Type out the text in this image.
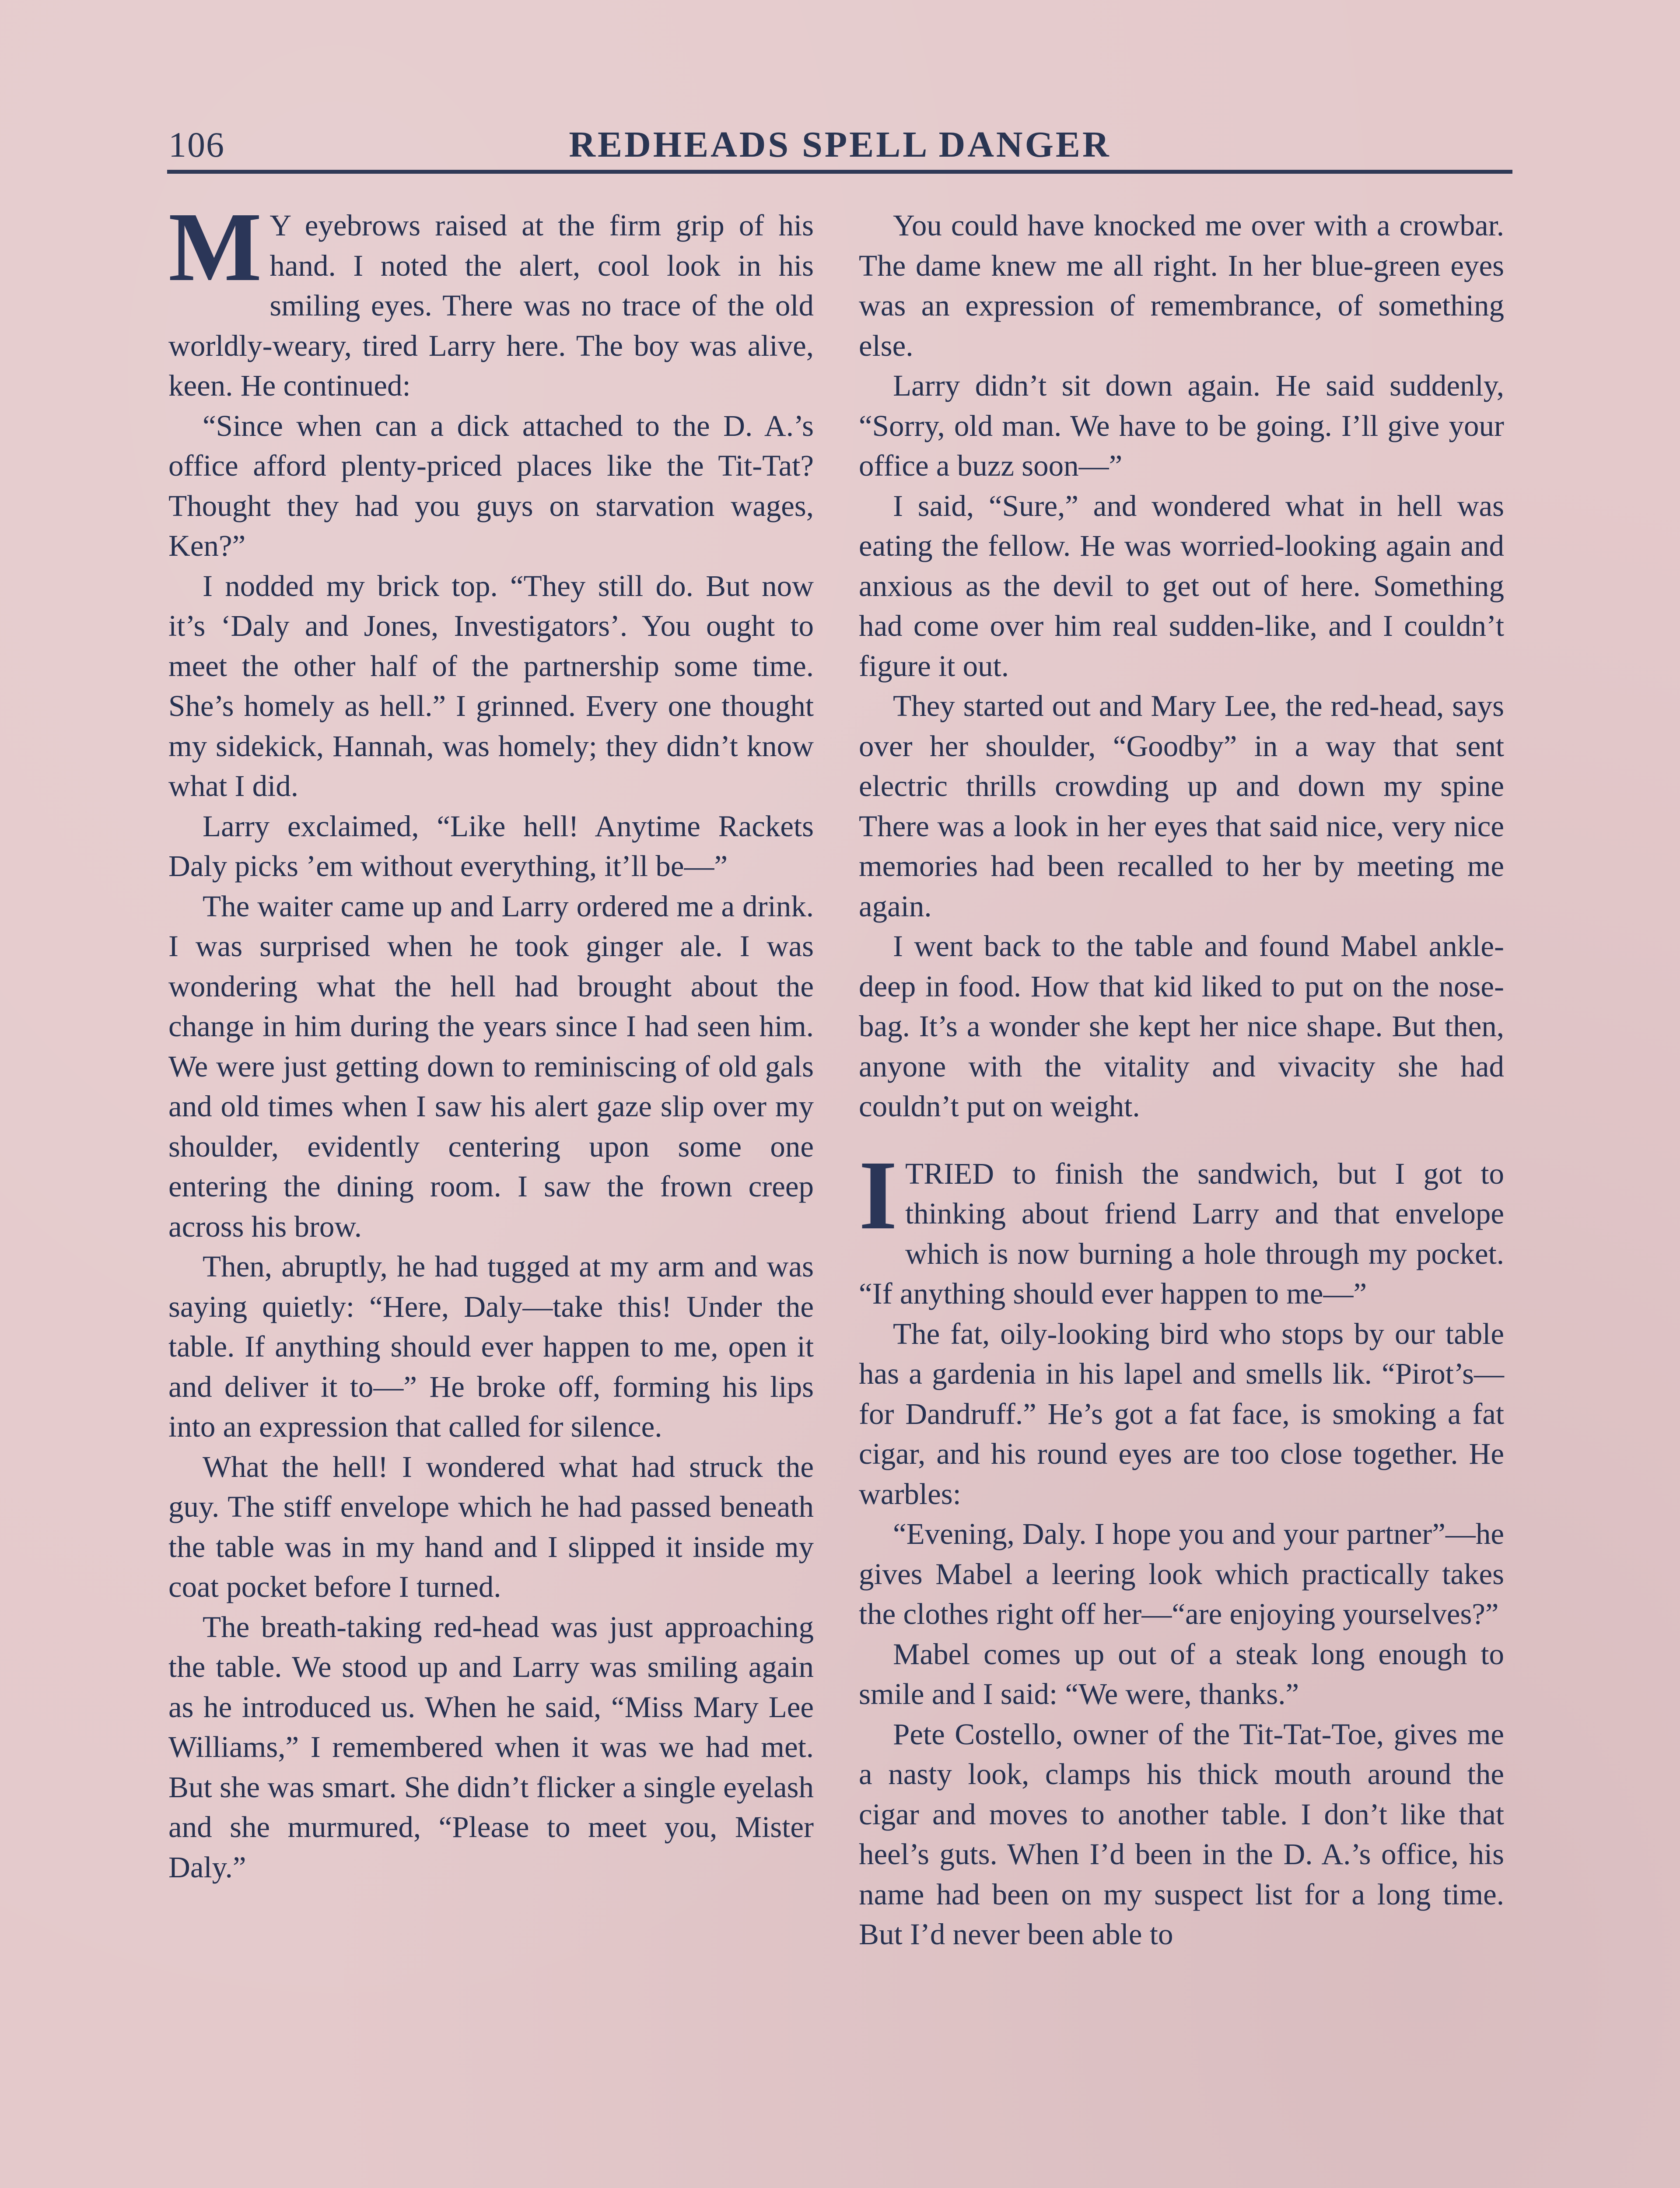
106	REDHEADS SPELL DANGER

M Y eyebrows raised at the firm grip of his hand. I noted the alert, cool look in his smiling eyes. There was no trace of the old worldly-weary, tired Larry here. The boy was alive, keen. He continued:

“Since when can a dick attached to the D. A.’s office afford plenty-priced places like the Tit-Tat? Thought they had you guys on starvation wages, Ken?”

I nodded my brick top. “They still do. But now it’s ‘Daly and Jones, Investigators’. You ought to meet the other half of the partnership some time. She’s homely as hell.” I grinned. Every one thought my sidekick, Hannah, was homely; they didn’t know what I did.

Larry exclaimed, “Like hell! Anytime Rackets Daly picks ’em without everything, it’ll be—”

The waiter came up and Larry ordered me a drink. I was surprised when he took ginger ale. I was wondering what the hell had brought about the change in him during the years since I had seen him. We were just getting down to reminiscing of old gals and old times when I saw his alert gaze slip over my shoulder, evidently centering upon some one entering the dining room. I saw the frown creep across his brow.

Then, abruptly, he had tugged at my arm and was saying quietly: “Here, Daly—take this! Under the table. If anything should ever happen to me, open it and deliver it to—” He broke off, forming his lips into an expression that called for silence.

What the hell! I wondered what had struck the guy. The stiff envelope which he had passed beneath the table was in my hand and I slipped it inside my coat pocket before I turned.

The breath-taking red-head was just approaching the table. We stood up and Larry was smiling again as he introduced us. When he said, “Miss Mary Lee Williams,” I remembered when it was we had met. But she was smart. She didn’t flicker a single eyelash and she murmured, “Please to meet you, Mister Daly.”

You could have knocked me over with a crowbar. The dame knew me all right. In her blue-green eyes was an expression of remembrance, of something else.

Larry didn’t sit down again. He said suddenly, “Sorry, old man. We have to be going. I’ll give your office a buzz soon—”

I said, “Sure,” and wondered what in hell was eating the fellow. He was worried-looking again and anxious as the devil to get out of here. Something had come over him real sudden-like, and I couldn’t figure it out.

They started out and Mary Lee, the red-head, says over her shoulder, “Goodby” in a way that sent electric thrills crowding up and down my spine There was a look in her eyes that said nice, very nice memories had been recalled to her by meeting me again.

I went back to the table and found Mabel ankle-deep in food. How that kid liked to put on the nose-bag. It’s a wonder she kept her nice shape. But then, anyone with the vitality and vivacity she had couldn’t put on weight.

ITRIED to finish the sandwich, but I got to thinking about friend Larry and that envelope which is now burning a hole through my pocket. “If anything should ever happen to me—”

The fat, oily-looking bird who stops by our table has a gardenia in his lapel and smells lik. “Pirot’s—for Dandruff.” He’s got a fat face, is smoking a fat cigar, and his round eyes are too close together. He warbles:

“Evening, Daly. I hope you and your partner”—he gives Mabel a leering look which practically takes the clothes right off her—“are enjoying yourselves?”

Mabel comes up out of a steak long enough to smile and I said: “We were, thanks.”

Pete Costello, owner of the Tit-Tat-Toe, gives me a nasty look, clamps his thick mouth around the cigar and moves to another table. I don’t like that heel’s guts. When I’d been in the D. A.’s office, his name had been on my suspect list for a long time. But I’d never been able to
